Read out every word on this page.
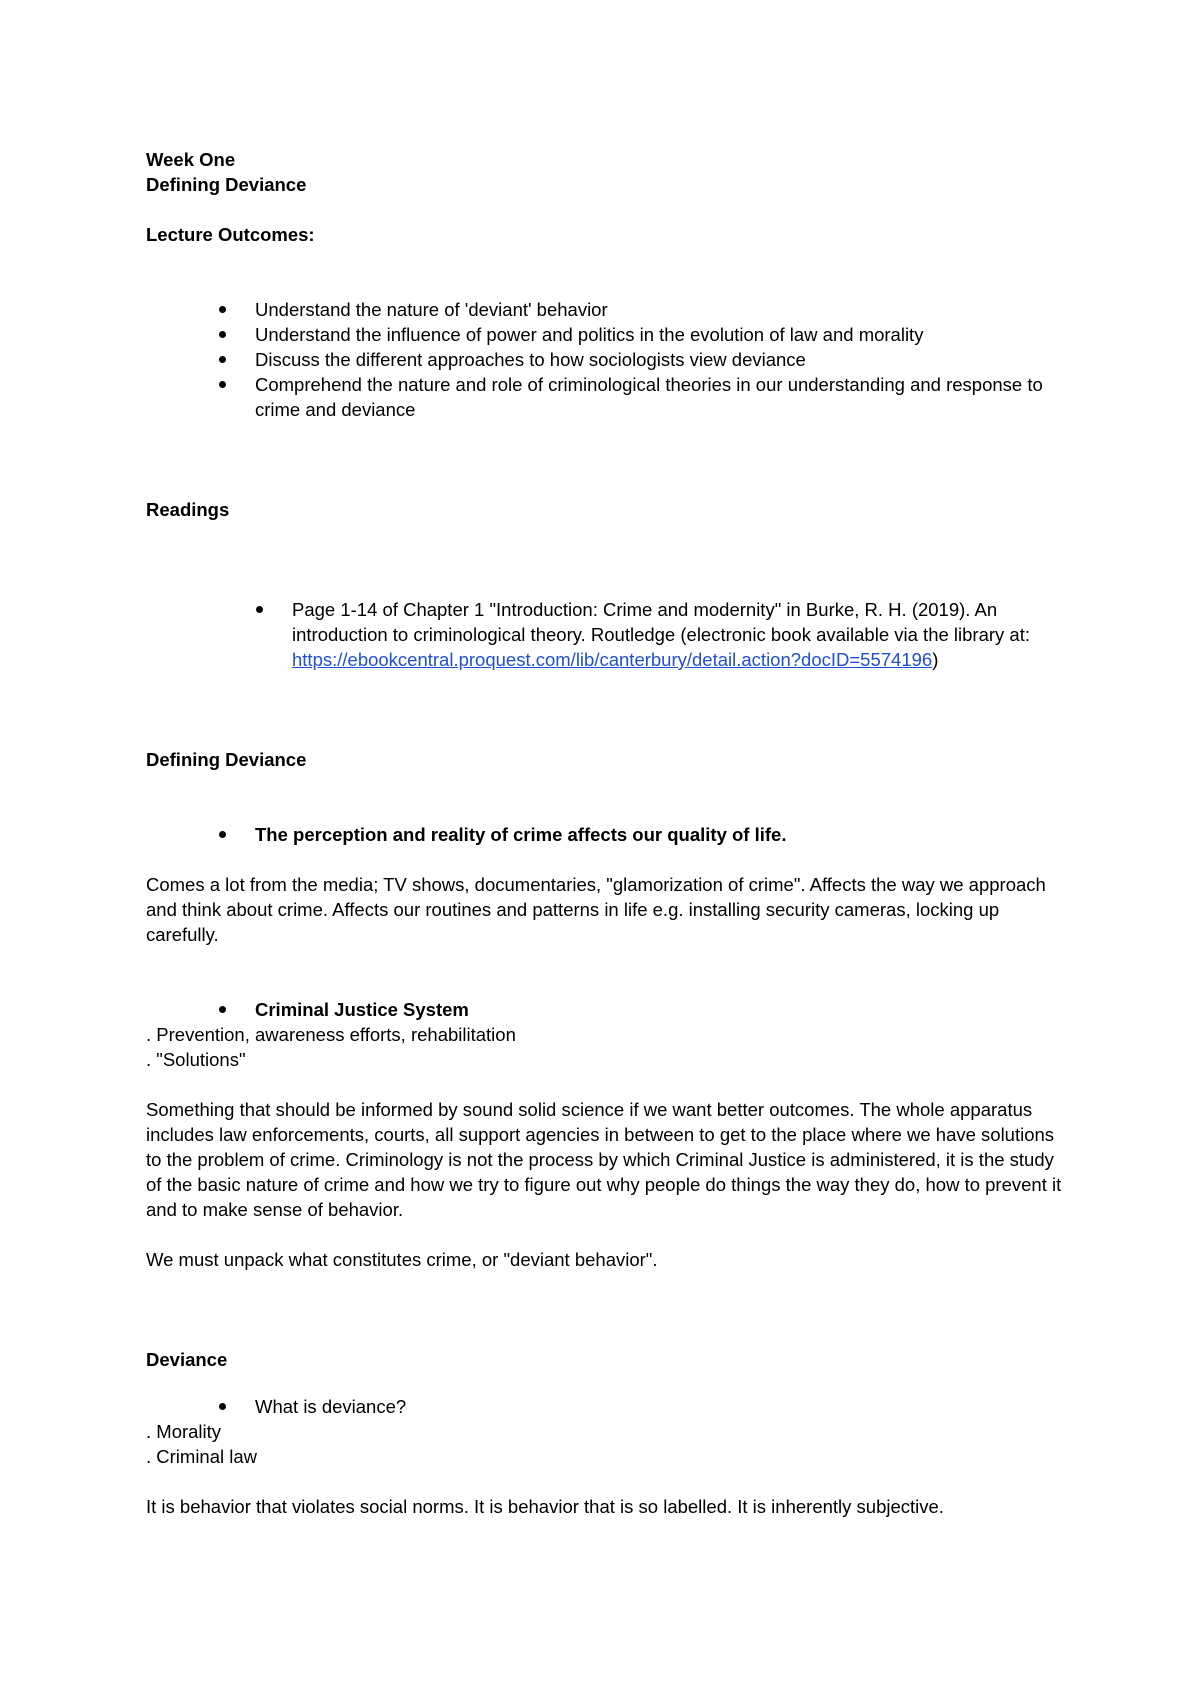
Week One
Defining Deviance
Lecture Outcomes:
Understand the nature of 'deviant' behavior
Understand the influence of power and politics in the evolution of law and morality
Discuss the different approaches to how sociologists view deviance
Comprehend the nature and role of criminological theories in our understanding and response to crime and deviance
Readings
Page 1-14 of Chapter 1 "Introduction: Crime and modernity" in Burke, R. H. (2019). An introduction to criminological theory. Routledge (electronic book available via the library at: https://ebookcentral.proquest.com/lib/canterbury/detail.action?docID=5574196)
Defining Deviance
The perception and reality of crime affects our quality of life.

Comes a lot from the media; TV shows, documentaries, "glamorization of crime". Affects the way we approach and think about crime. Affects our routines and patterns in life e.g. installing security cameras, locking up carefully.

Criminal Justice System
. Prevention, awareness efforts, rehabilitation
. "Solutions"

Something that should be informed by sound solid science if we want better outcomes. The whole apparatus includes law enforcements, courts, all support agencies in between to get to the place where we have solutions to the problem of crime. Criminology is not the process by which Criminal Justice is administered, it is the study of the basic nature of crime and how we try to figure out why people do things the way they do, how to prevent it and to make sense of behavior.

We must unpack what constitutes crime, or "deviant behavior".

Deviance
What is deviance?
. Morality
. Criminal law

It is behavior that violates social norms. It is behavior that is so labelled. It is inherently subjective.
